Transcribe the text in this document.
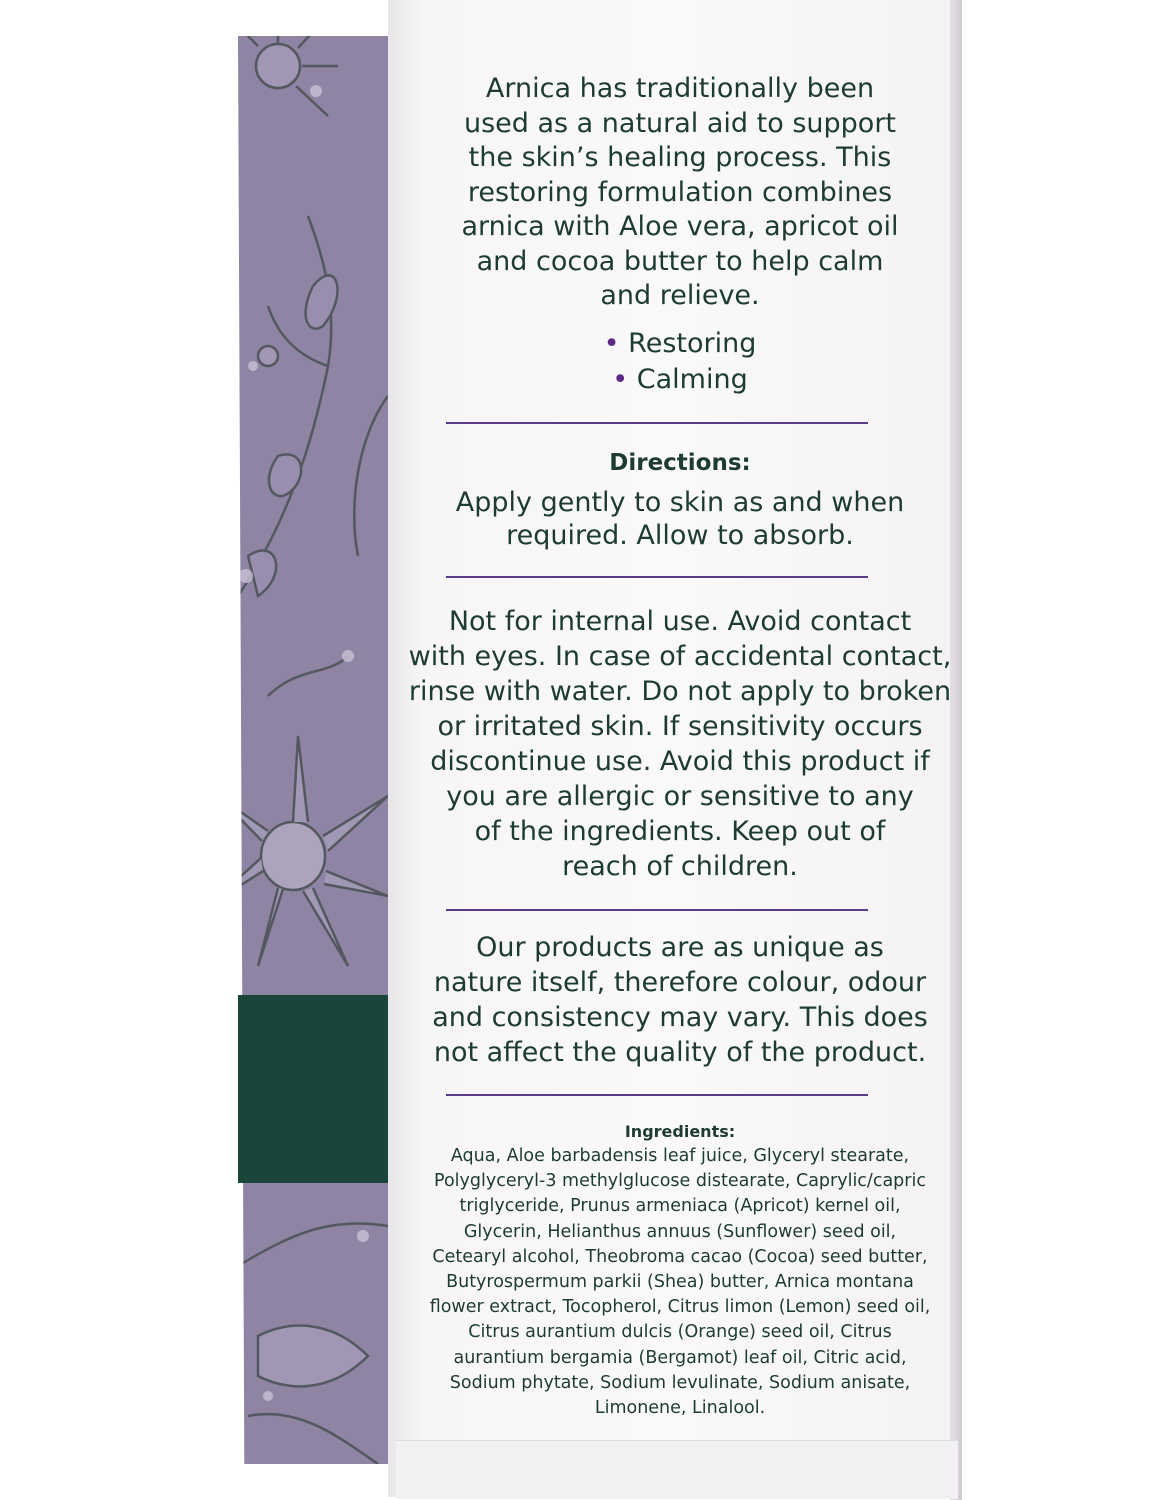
Arnica has traditionally been

used as a natural aid to support

the skin’s healing process. This

restoring formulation combines

arnica with Aloe vera, apricot oil

and cocoa butter to help calm

and relieve.

• Restoring
• Calming
Directions:
Apply gently to skin as and when
required. Allow to absorb.
Not for internal use. Avoid contact
with eyes. In case of accidental contact,
rinse with water. Do not apply to broken
or irritated skin. If sensitivity occurs
discontinue use. Avoid this product if
you are allergic or sensitive to any
of the ingredients. Keep out of
reach of children.
Our products are as unique as
nature itself, therefore colour, odour
and consistency may vary. This does
not affect the quality of the product.
Ingredients:
Aqua, Aloe barbadensis leaf juice, Glyceryl stearate,
Polyglyceryl-3 methylglucose distearate, Caprylic/capric
triglyceride, Prunus armeniaca (Apricot) kernel oil,
Glycerin, Helianthus annuus (Sunflower) seed oil,
Cetearyl alcohol, Theobroma cacao (Cocoa) seed butter,
Butyrospermum parkii (Shea) butter, Arnica montana
flower extract, Tocopherol, Citrus limon (Lemon) seed oil,
Citrus aurantium dulcis (Orange) seed oil, Citrus
aurantium bergamia (Bergamot) leaf oil, Citric acid,
Sodium phytate, Sodium levulinate, Sodium anisate,
Limonene, Linalool.
